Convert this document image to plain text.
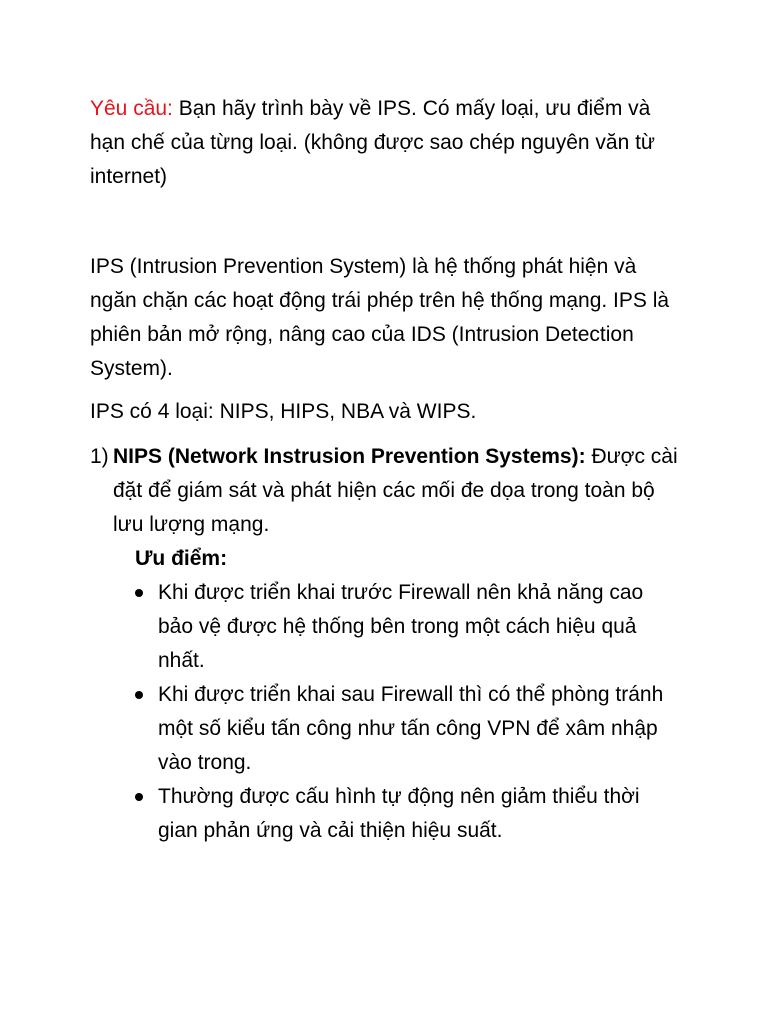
Yêu cầu: Bạn hãy trình bày về IPS. Có mấy loại, ưu điểm và hạn chế của từng loại. (không được sao chép nguyên văn từ internet)

IPS (Intrusion Prevention System) là hệ thống phát hiện và ngăn chặn các hoạt động trái phép trên hệ thống mạng. IPS là phiên bản mở rộng, nâng cao của IDS (Intrusion Detection System).

IPS có 4 loại: NIPS, HIPS, NBA và WIPS.

1) NIPS (Network Instrusion Prevention Systems): Được cài đặt để giám sát và phát hiện các mối đe dọa trong toàn bộ lưu lượng mạng.

Ưu điểm:

Khi được triển khai trước Firewall nên khả năng cao bảo vệ được hệ thống bên trong một cách hiệu quả nhất.
Khi được triển khai sau Firewall thì có thể phòng tránh một số kiểu tấn công như tấn công VPN để xâm nhập vào trong.
Thường được cấu hình tự động nên giảm thiểu thời gian phản ứng và cải thiện hiệu suất.
